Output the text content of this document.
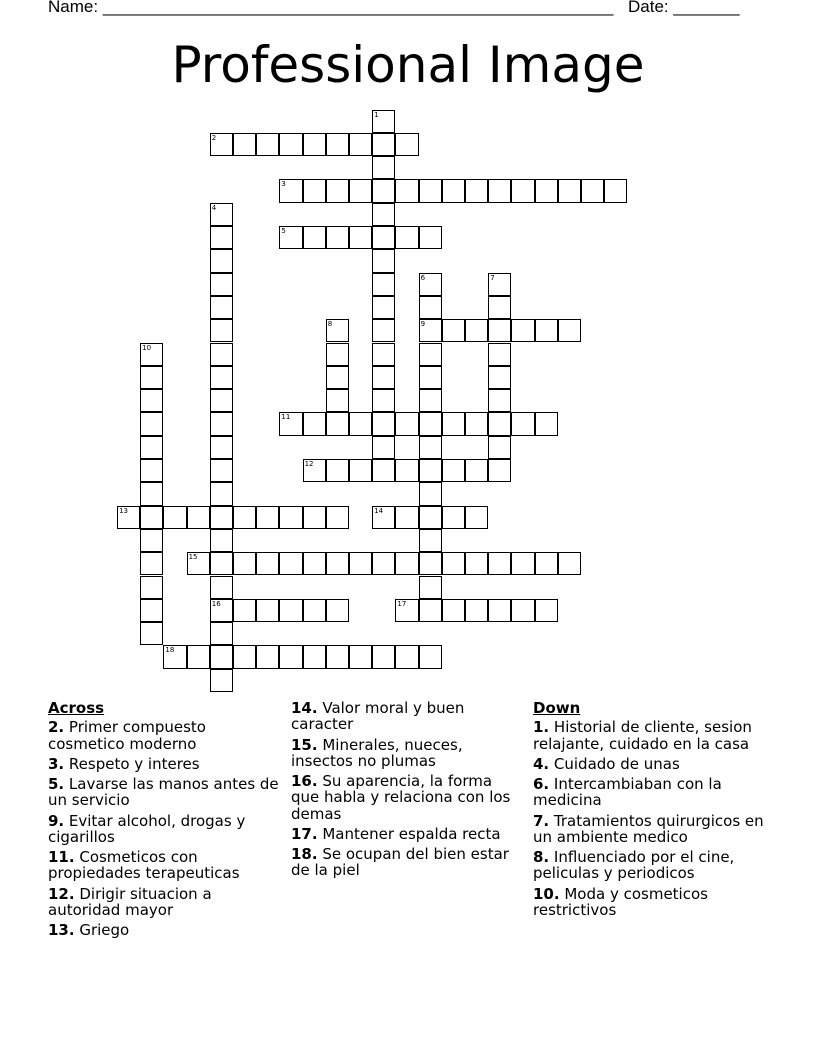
Name: ______________________________________________________ Date: _______
Professional Image
1
2
3
4
16
5
6
9
7
8
10
11
12
13	14
15
17
18
Across
2. Primer compuesto cosmetico moderno
3. Respeto y interes
5. Lavarse las manos antes de un servicio
9. Evitar alcohol, drogas y cigarillos
11. Cosmeticos con propiedades terapeuticas
12. Dirigir situacion a autoridad mayor
13. Griego
14. Valor moral y buen caracter
15. Minerales, nueces, insectos no plumas
16. Su aparencia, la forma que habla y relaciona con los demas
17. Mantener espalda recta
18. Se ocupan del bien estar de la piel
Down
1. Historial de cliente, sesion relajante, cuidado en la casa
4. Cuidado de unas
6. Intercambiaban con la medicina
7. Tratamientos quirurgicos en un ambiente medico
8. Influenciado por el cine, peliculas y periodicos
10. Moda y cosmeticos restrictivos
